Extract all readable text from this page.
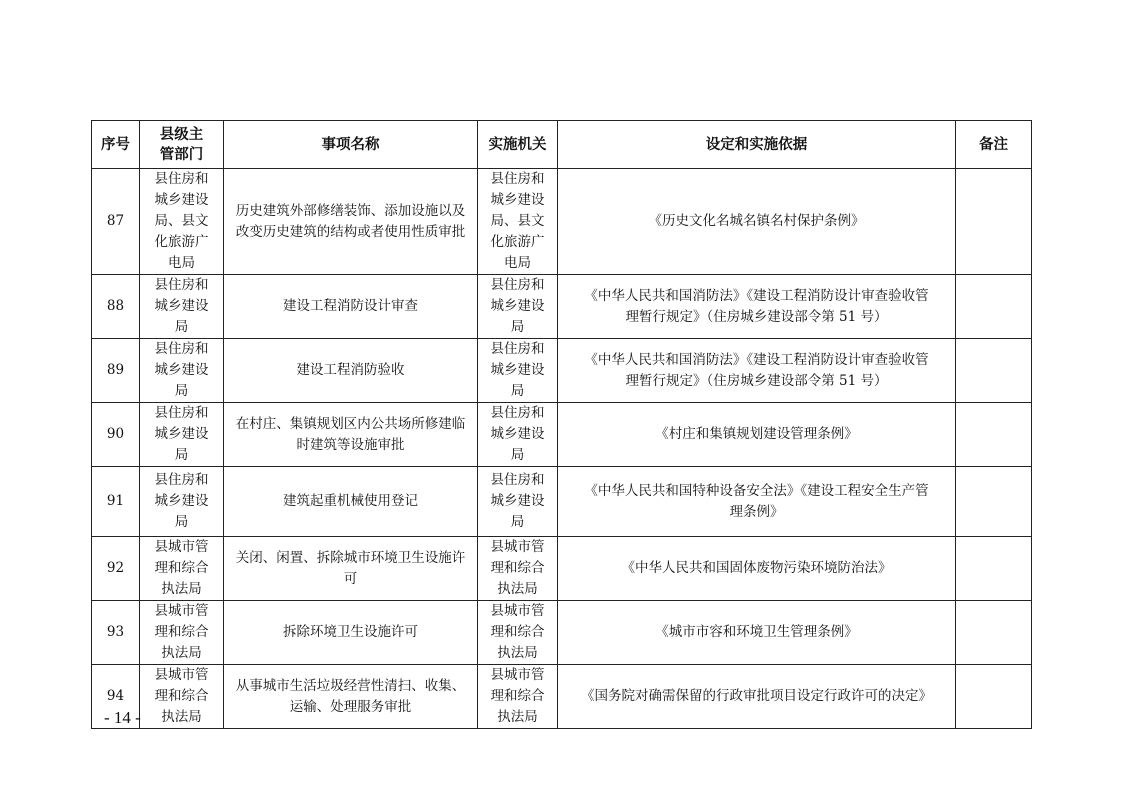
序号	县级主管部门	事项名称	实施机关	设定和实施依据	备注
87	县住房和城乡建设局、县文化旅游广电局	历史建筑外部修缮装饰、添加设施以及改变历史建筑的结构或者使用性质审批	县住房和城乡建设局、县文化旅游广电局	《历史文化名城名镇名村保护条例》	
88	县住房和城乡建设局	建设工程消防设计审查	县住房和城乡建设局	《中华人民共和国消防法》《建设工程消防设计审查验收管理暂行规定》（住房城乡建设部令第 51 号）	
89	县住房和城乡建设局	建设工程消防验收	县住房和城乡建设局	《中华人民共和国消防法》《建设工程消防设计审查验收管理暂行规定》（住房城乡建设部令第 51 号）	
90	县住房和城乡建设局	在村庄、集镇规划区内公共场所修建临时建筑等设施审批	县住房和城乡建设局	《村庄和集镇规划建设管理条例》	
91	县住房和城乡建设局	建筑起重机械使用登记	县住房和城乡建设局	《中华人民共和国特种设备安全法》《建设工程安全生产管理条例》	
92	县城市管理和综合执法局	关闭、闲置、拆除城市环境卫生设施许可	县城市管理和综合执法局	《中华人民共和国固体废物污染环境防治法》	
93	县城市管理和综合执法局	拆除环境卫生设施许可	县城市管理和综合执法局	《城市市容和环境卫生管理条例》	
94	县城市管理和综合执法局	从事城市生活垃圾经营性清扫、收集、运输、处理服务审批	县城市管理和综合执法局	《国务院对确需保留的行政审批项目设定行政许可的决定》	
- 14 -
